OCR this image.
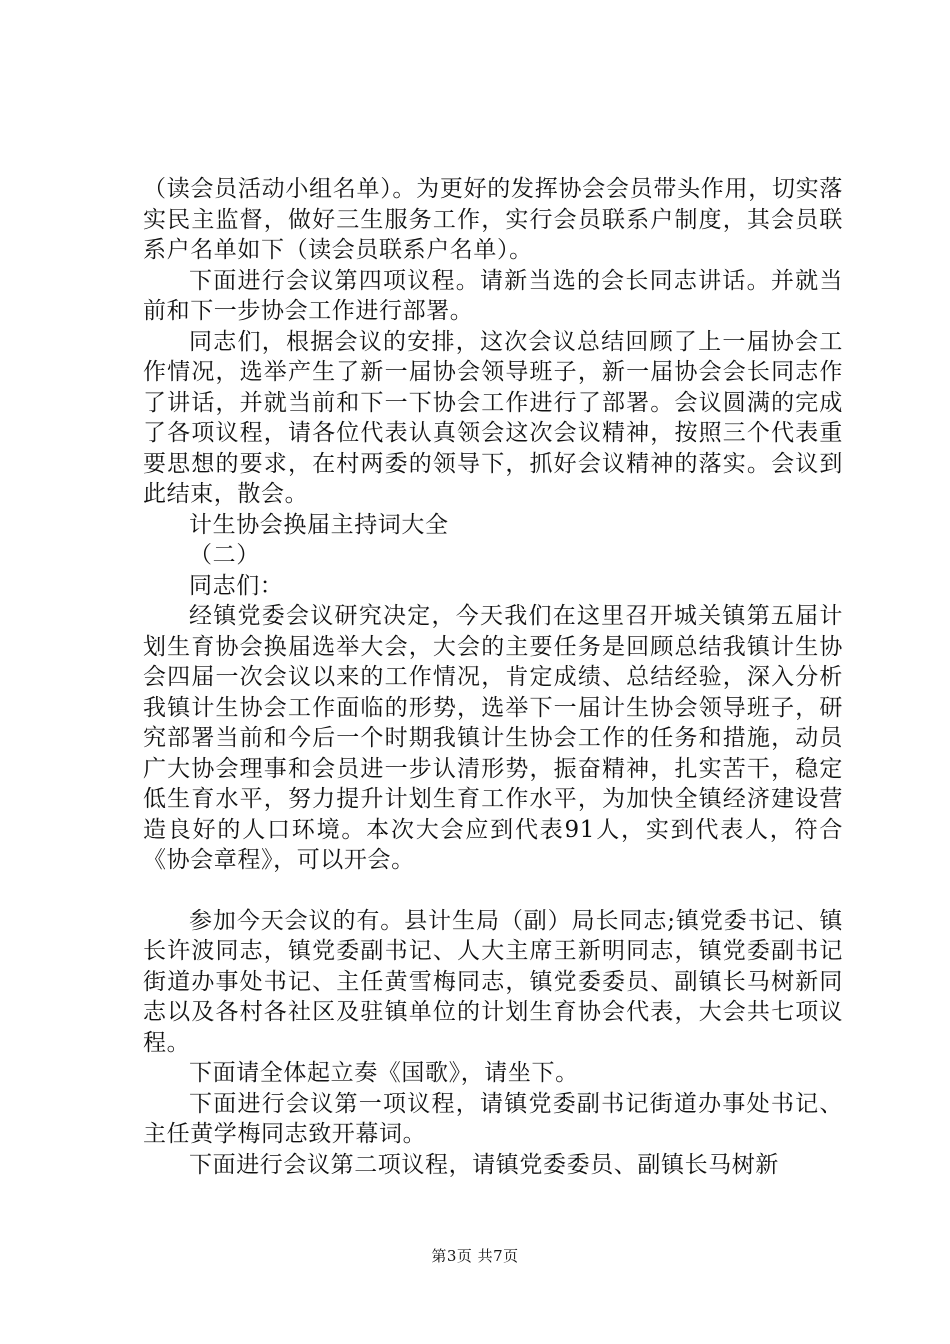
（读会员活动小组名单）。为更好的发挥协会会员带头作用，切实落实民主监督，做好三生服务工作，实行会员联系户制度，其会员联系户名单如下（读会员联系户名单）。

下面进行会议第四项议程。请新当选的会长同志讲话。并就当前和下一步协会工作进行部署。

同志们，根据会议的安排，这次会议总结回顾了上一届协会工作情况，选举产生了新一届协会领导班子，新一届协会会长同志作了讲话，并就当前和下一下协会工作进行了部署。会议圆满的完成了各项议程，请各位代表认真领会这次会议精神，按照三个代表重要思想的要求，在村两委的领导下，抓好会议精神的落实。会议到此结束，散会。

计生协会换届主持词大全

（二）

同志们：

经镇党委会议研究决定，今天我们在这里召开城关镇第五届计划生育协会换届选举大会，大会的主要任务是回顾总结我镇计生协会四届一次会议以来的工作情况，肯定成绩、总结经验，深入分析我镇计生协会工作面临的形势，选举下一届计生协会领导班子，研究部署当前和今后一个时期我镇计生协会工作的任务和措施，动员广大协会理事和会员进一步认清形势，振奋精神，扎实苦干，稳定低生育水平，努力提升计划生育工作水平，为加快全镇经济建设营造良好的人口环境。本次大会应到代表91人，实到代表人，符合《协会章程》，可以开会。

参加今天会议的有。县计生局（副）局长同志;镇党委书记、镇长许波同志，镇党委副书记、人大主席王新明同志，镇党委副书记街道办事处书记、主任黄雪梅同志，镇党委委员、副镇长马树新同志以及各村各社区及驻镇单位的计划生育协会代表，大会共七项议程。

下面请全体起立奏《国歌》，请坐下。

下面进行会议第一项议程，请镇党委副书记街道办事处书记、主任黄学梅同志致开幕词。

下面进行会议第二项议程，请镇党委委员、副镇长马树新

第3页 共7页
